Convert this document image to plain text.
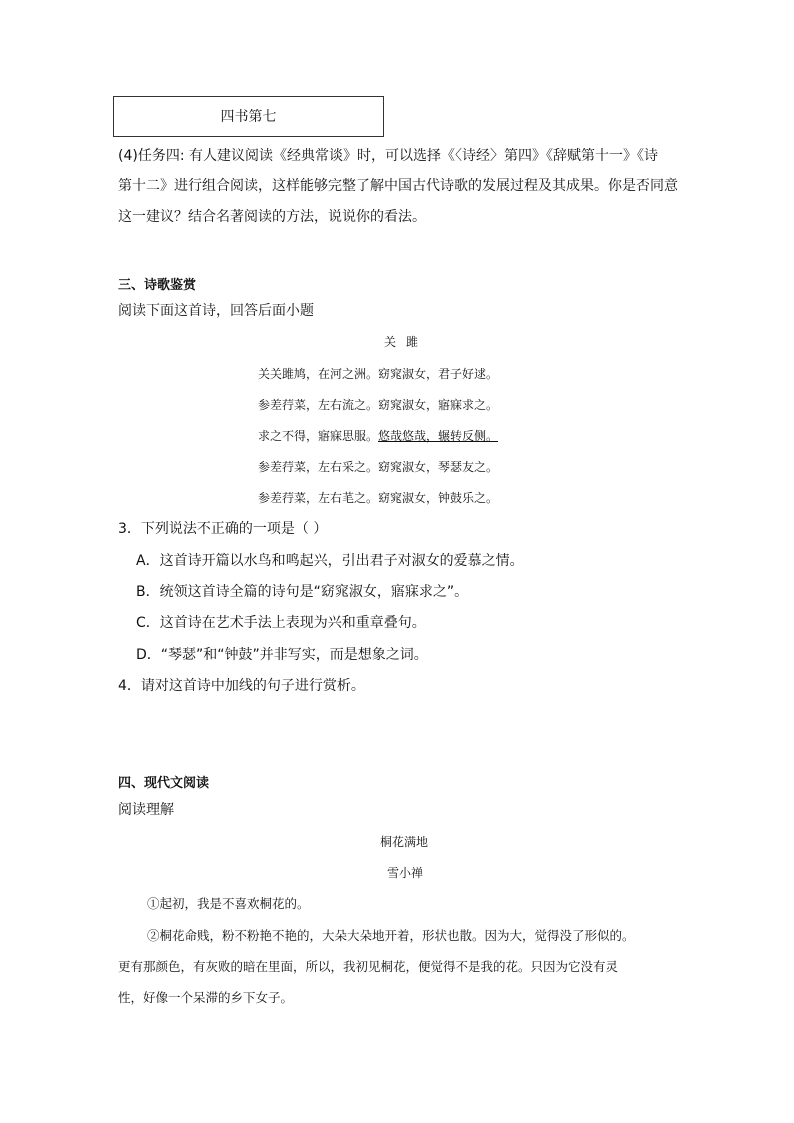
四书第七
(4)任务四: 有人建议阅读《经典常谈》时，可以选择《〈诗经〉第四》《辞赋第十一》《诗
第十二》进行组合阅读，这样能够完整了解中国古代诗歌的发展过程及其成果。你是否同意
这一建议？结合名著阅读的方法，说说你的看法。
三、诗歌鉴赏
阅读下面这首诗，回答后面小题
关雎
关关雎鸠，在河之洲。窈窕淑女，君子好逑。
参差荇菜，左右流之。窈窕淑女，寤寐求之。
求之不得，寤寐思服。悠哉悠哉，辗转反侧。
参差荇菜，左右采之。窈窕淑女，琴瑟友之。
参差荇菜，左右芼之。窈窕淑女，钟鼓乐之。
3．下列说法不正确的一项是（ ）
A．这首诗开篇以水鸟和鸣起兴，引出君子对淑女的爱慕之情。
B．统领这首诗全篇的诗句是“窈窕淑女，寤寐求之”。
C．这首诗在艺术手法上表现为兴和重章叠句。
D．“琴瑟”和“钟鼓”并非写实，而是想象之词。
4．请对这首诗中加线的句子进行赏析。
四、现代文阅读
阅读理解
桐花满地
雪小禅
①起初，我是不喜欢桐花的。
②桐花命贱，粉不粉艳不艳的，大朵大朵地开着，形状也散。因为大，觉得没了形似的。
更有那颜色，有灰败的暗在里面，所以，我初见桐花，便觉得不是我的花。只因为它没有灵
性，好像一个呆滞的乡下女子。
